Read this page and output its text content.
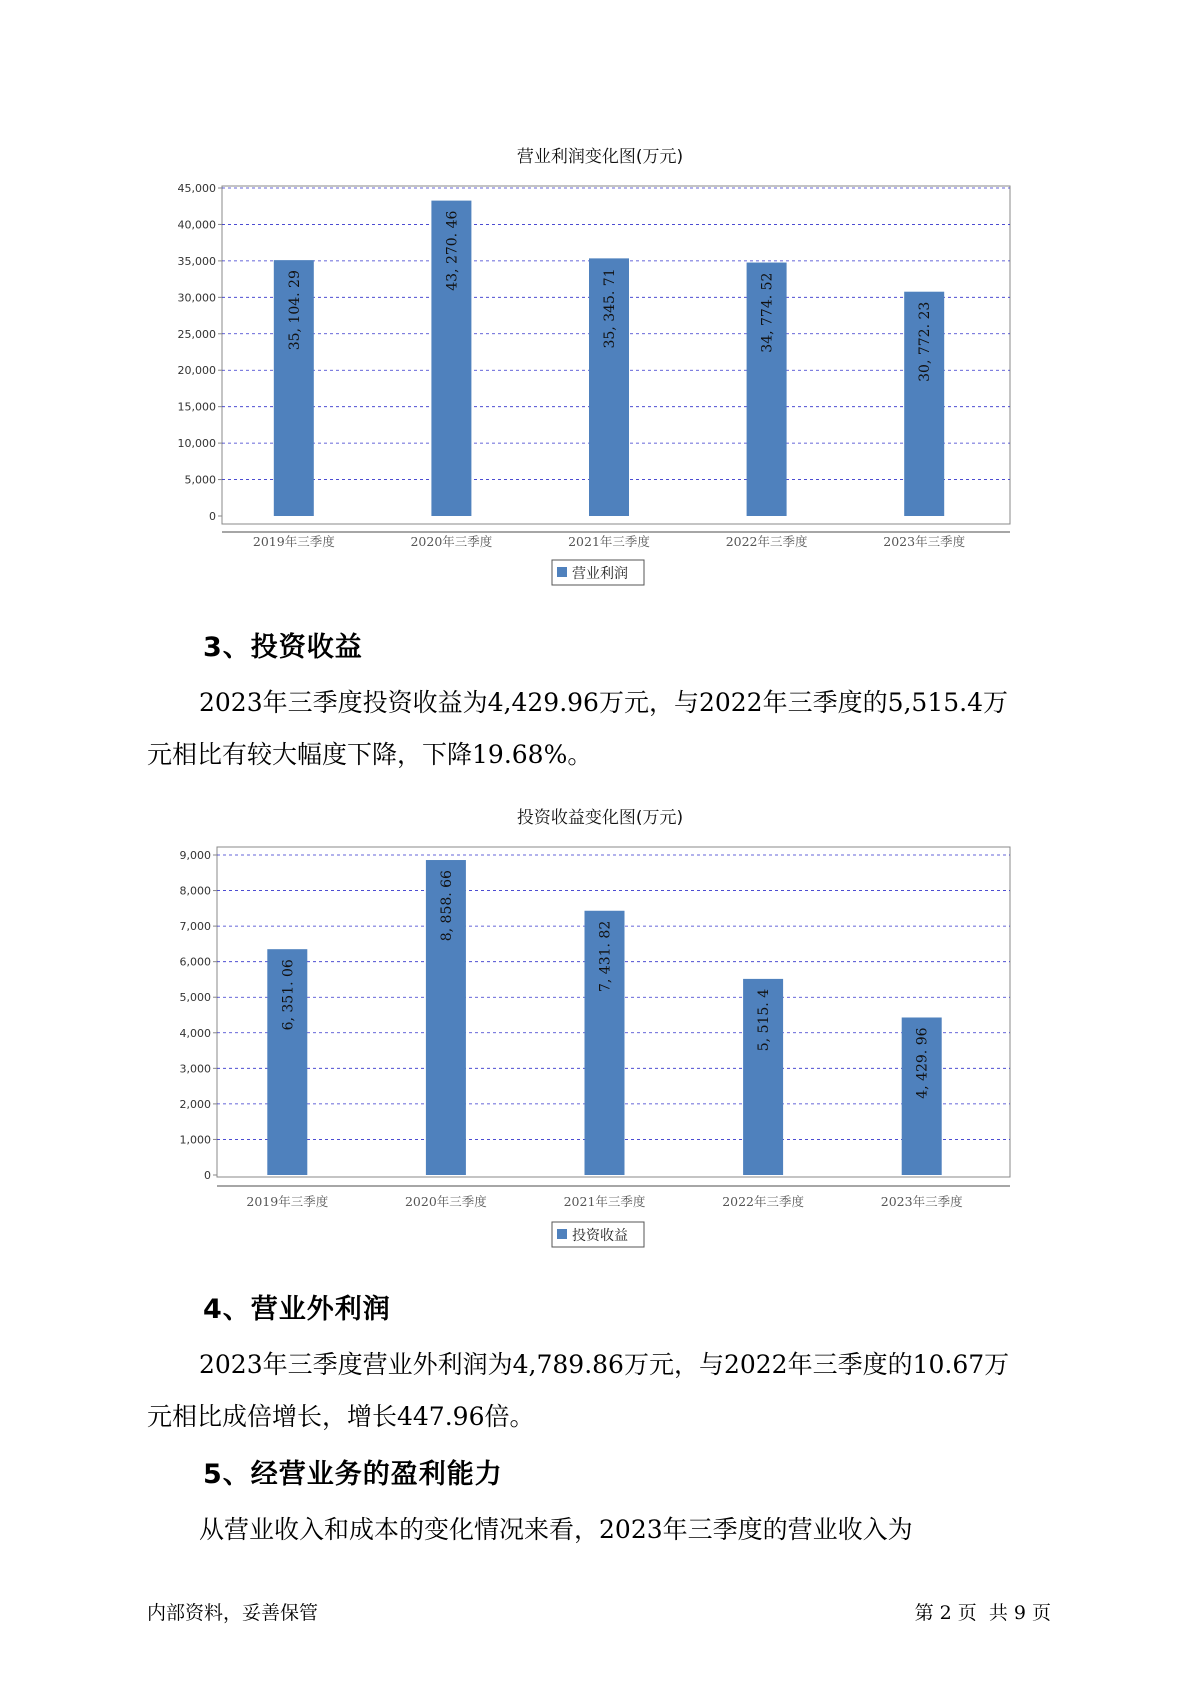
营业利润变化图(万元)
0
5,000
10,000
15,000
20,000
25,000
30,000
35,000
40,000
45,000
35, 104. 29
43, 270. 46
35, 345. 71	34, 774. 52	30, 772. 23
2019年三季度	2020年三季度	2021年三季度	2022年三季度	2023年三季度
营业利润
3、投资收益
2023年三季度投资收益为4,429.96万元，与2022年三季度的5,515.4万
元相比有较大幅度下降，下降19.68%。
投资收益变化图(万元)
0
1,000
2,000
3,000
4,000
5,000
6,000
7,000
8,000
9,000
6, 351. 06
8, 858. 66
7, 431. 82
5, 515. 4
4, 429. 96
2019年三季度	2020年三季度	2021年三季度	2022年三季度	2023年三季度
投资收益
4、营业外利润
2023年三季度营业外利润为4,789.86万元，与2022年三季度的10.67万
元相比成倍增长，增长447.96倍。
5、经营业务的盈利能力
从营业收入和成本的变化情况来看，2023年三季度的营业收入为
内部资料，妥善保管	第 2 页  共 9 页
